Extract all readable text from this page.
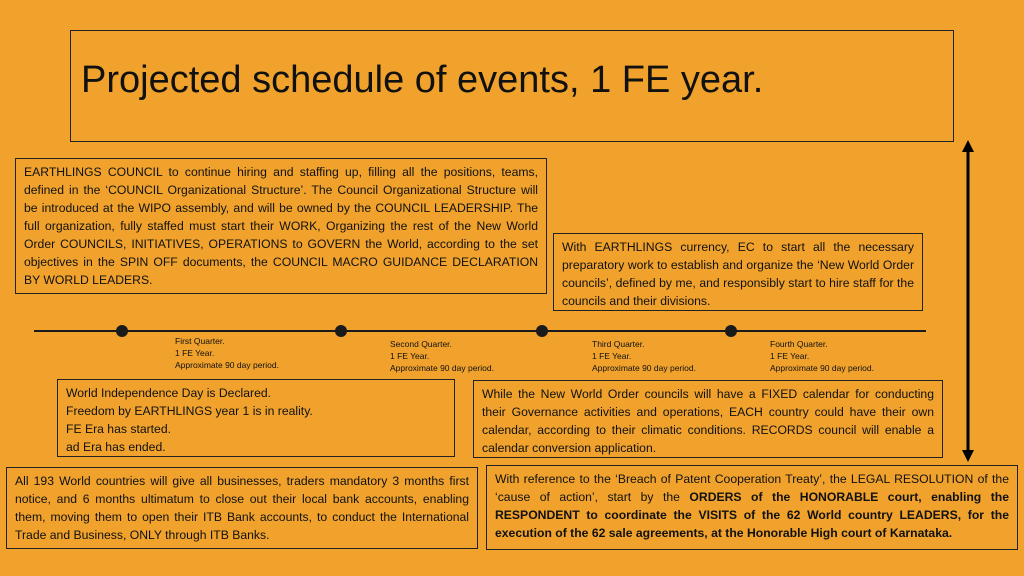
Projected schedule of events, 1 FE year.
EARTHLINGS COUNCIL to continue hiring and staffing up, filling all the positions, teams, defined in the ‘COUNCIL Organizational Structure’. The Council Organizational Structure will be introduced at the WIPO assembly, and will be owned by the COUNCIL LEADERSHIP. The full organization, fully staffed must start their WORK, Organizing the rest of the New World Order COUNCILS, INITIATIVES, OPERATIONS to GOVERN the World, according to the set objectives in the SPIN OFF documents, the COUNCIL MACRO GUIDANCE DECLARATION BY WORLD LEADERS.
With EARTHLINGS currency, EC to start all the necessary preparatory work to establish and organize the ‘New World Order councils’, defined by me, and responsibly start to hire staff for the councils and their divisions.
First Quarter.
1 FE Year.
Approximate 90 day period.
Second Quarter.
1 FE Year.
Approximate 90 day period.
Third Quarter.
1 FE Year.
Approximate 90 day period.
Fourth Quarter.
1 FE Year.
Approximate 90 day period.
World Independence Day is Declared.
Freedom by EARTHLINGS year 1 is in reality.
FE Era has started.
ad Era has ended.
While the New World Order councils will have a FIXED calendar for conducting their Governance activities and operations, EACH country could have their own calendar, according to their climatic conditions. RECORDS council will enable a calendar conversion application.
All 193 World countries will give all businesses, traders mandatory 3 months first notice, and 6 months ultimatum to close out their local bank accounts, enabling them, moving them to open their ITB Bank accounts, to conduct the International Trade and Business, ONLY through ITB Banks.
With reference to the ‘Breach of Patent Cooperation Treaty’, the LEGAL RESOLUTION of the ‘cause of action’, start by the ORDERS of the HONORABLE court, enabling the RESPONDENT to coordinate the VISITS of the 62 World country LEADERS, for the execution of the 62 sale agreements, at the Honorable High court of Karnataka.
